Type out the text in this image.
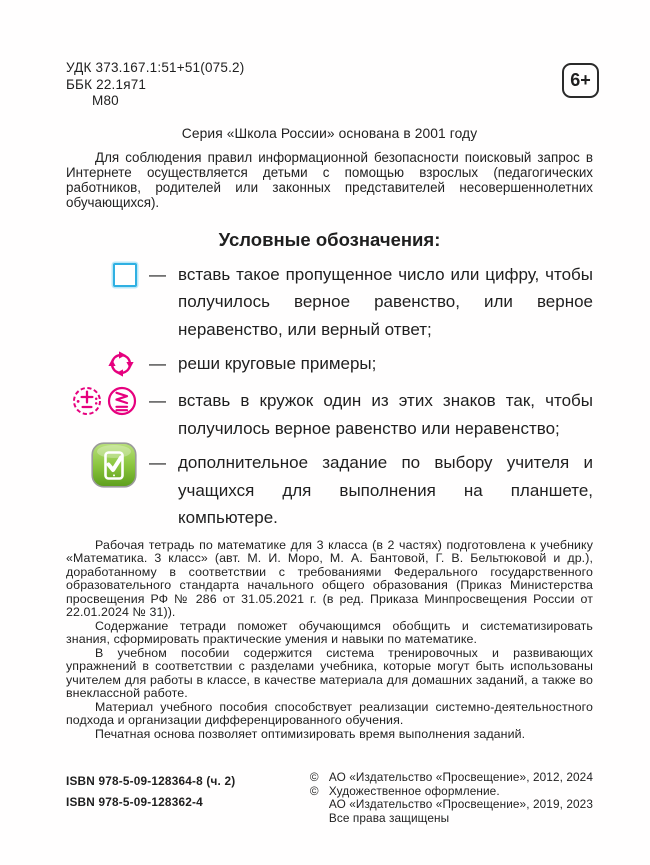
УДК 373.167.1:51+51(075.2)
ББК 22.1я71
М80
6+
Серия «Школа России» основана в 2001 году

Для соблюдения правил информационной безопасности поисковый запрос в Интернете осуществляется детьми с помощью взрослых (педагогических работников, родителей или законных представителей несовершеннолетних обучающихся).

Условные обозначения:
— вставь такое пропущенное число или цифру, чтобы получилось верное равенство, или верное неравенство, или верный ответ;
— реши круговые примеры;
— вставь в кружок один из этих знаков так, чтобы получилось верное равенство или неравенство;
— дополнительное задание по выбору учителя и учащихся для выполнения на планшете, компьютере.

Рабочая тетрадь по математике для 3 класса (в 2 частях) подготовлена к учебнику «Математика. 3 класс» (авт. М. И. Моро, М. А. Бантовой, Г. В. Бельтюковой и др.), доработанному в соответствии с требованиями Федерального государственного образовательного стандарта начального общего образования (Приказ Министерства просвещения РФ № 286 от 31.05.2021 г. (в ред. Приказа Минпросвещения России от 22.01.2024 № 31)).

Содержание тетради поможет обучающимся обобщить и систематизировать знания, сформировать практические умения и навыки по математике.

В учебном пособии содержится система тренировочных и развивающих упражнений в соответствии с разделами учебника, которые могут быть использованы учителем для работы в классе, в качестве материала для домашних заданий, а также во внеклассной работе.

Материал учебного пособия способствует реализации системно-деятельностного подхода и организации дифференцированного обучения.

Печатная основа позволяет оптимизировать время выполнения заданий.

ISBN 978-5-09-128364-8 (ч. 2)
ISBN 978-5-09-128362-4
© АО «Издательство «Просвещение», 2012, 2024
© Художественное оформление.
АО «Издательство «Просвещение», 2019, 2023
Все права защищены
